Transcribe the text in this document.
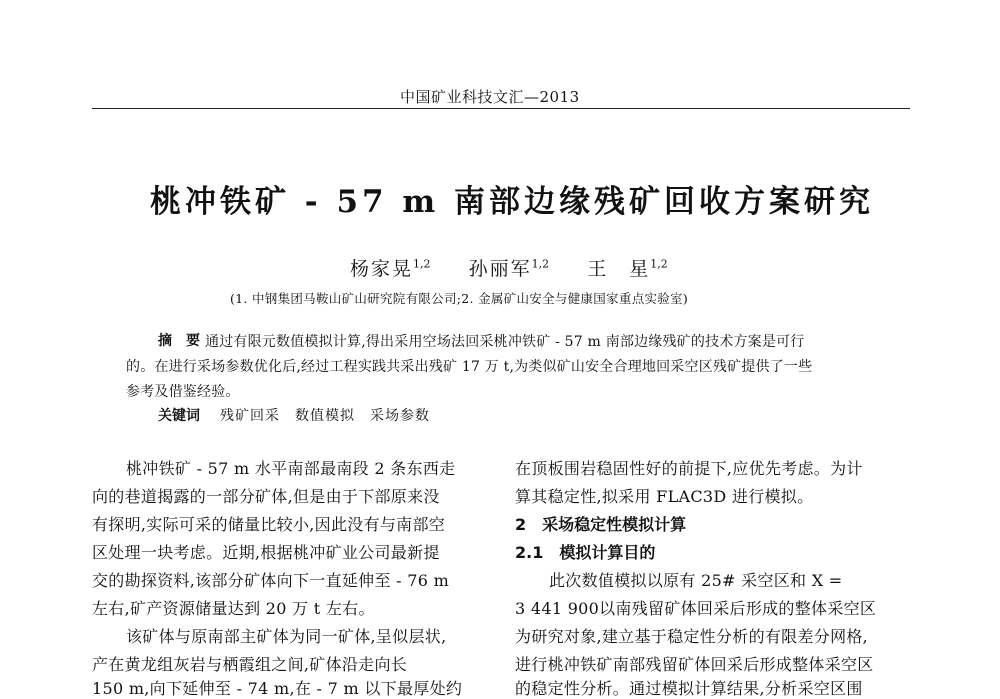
中国矿业科技文汇—2013
桃冲铁矿 - 57 m 南部边缘残矿回收方案研究
杨家晃$^{1,2}$ 孙丽军$^{1,2}$ 王　星$^{1,2}$
(1. 中钢集团马鞍山矿山研究院有限公司;2. 金属矿山安全与健康国家重点实验室)
摘要
通过有限元数值模拟计算,得出采用空场法回采桃冲铁矿 - 57 m 南部边缘残矿的技术方案是可行
的。在进行采场参数优化后,经过工程实践共采出残矿 17 万 t,为类似矿山安全合理地回采空区残矿提供了一些
参考及借鉴经验。
关键词 残矿回采　数值模拟　采场参数
桃冲铁矿 - 57 m 水平南部最南段 2 条东西走
向的巷道揭露的一部分矿体,但是由于下部原来没
有探明,实际可采的储量比较小,因此没有与南部空
区处理一块考虑。近期,根据桃冲矿业公司最新提
交的勘探资料,该部分矿体向下一直延伸至 - 76 m
左右,矿产资源储量达到 20 万 t 左右。
该矿体与原南部主矿体为同一矿体,呈似层状,
产在黄龙组灰岩与栖霞组之间,矿体沿走向长
150 m,向下延伸至 - 74 m,在 - 7 m 以下最厚处约
在顶板围岩稳固性好的前提下,应优先考虑。为计
算其稳定性,拟采用 FLAC3D 进行模拟。
2　采场稳定性模拟计算
2.1　模拟计算目的
此次数值模拟以原有 25# 采空区和 X =
3 441 900以南残留矿体回采后形成的整体采空区
为研究对象,建立基于稳定性分析的有限差分网格,
进行桃冲铁矿南部残留矿体回采后形成整体采空区
的稳定性分析。通过模拟计算结果,分析采空区围
